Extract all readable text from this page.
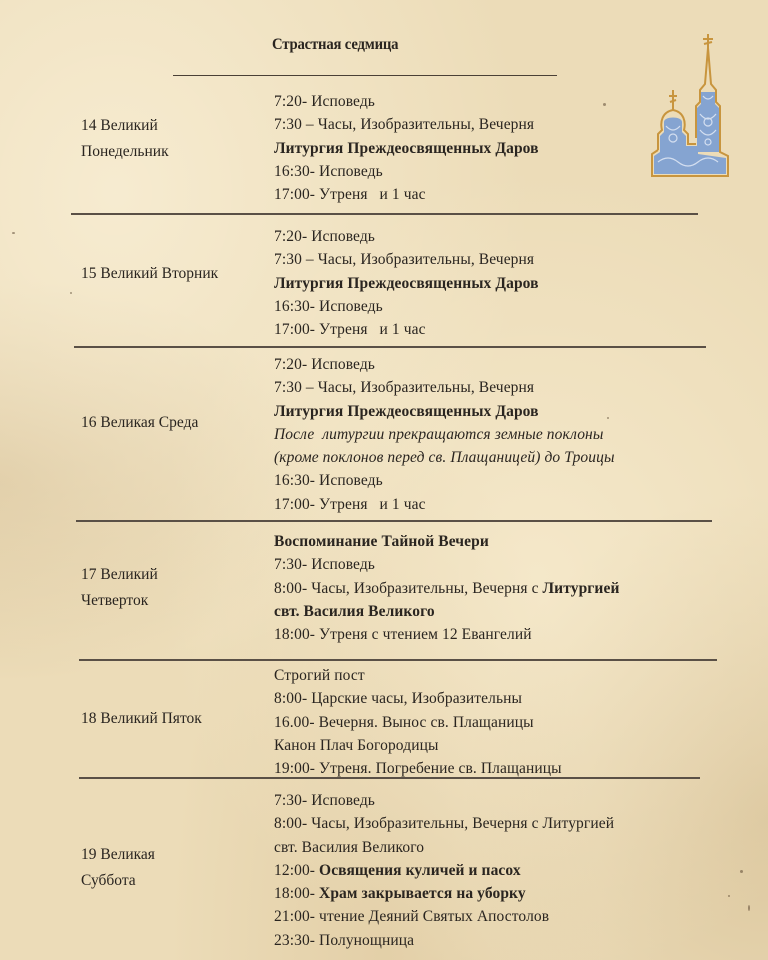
Страстная седмица
14 Великий
Понедельник
7:20- Исповедь
7:30 – Часы, Изобразительны, Вечерня
Литургия Преждеосвященных Даров
16:30- Исповедь
17:00- Утреня   и 1 час
15 Великий Вторник
7:20- Исповедь
7:30 – Часы, Изобразительны, Вечерня
Литургия Преждеосвященных Даров
16:30- Исповедь
17:00- Утреня   и 1 час
16 Великая Среда
7:20- Исповедь
7:30 – Часы, Изобразительны, Вечерня
Литургия Преждеосвященных Даров
После  литургии прекращаются земные поклоны
(кроме поклонов перед св. Плащаницей) до Троицы
16:30- Исповедь
17:00- Утреня   и 1 час
17 Великий
Четверток
Воспоминание Тайной Вечери
7:30- Исповедь
8:00- Часы, Изобразительны, Вечерня с Литургией
свт. Василия Великого
18:00- Утреня с чтением 12 Евангелий
18 Великий Пяток
Строгий пост
8:00- Царские часы, Изобразительны
16.00- Вечерня. Вынос св. Плащаницы
Канон Плач Богородицы
19:00- Утреня. Погребение св. Плащаницы
19 Великая
Суббота
7:30- Исповедь
8:00- Часы, Изобразительны, Вечерня с Литургией
свт. Василия Великого
12:00- Освящения куличей и пасох
18:00- Храм закрывается на уборку
21:00- чтение Деяний Святых Апостолов
23:30- Полунощница
